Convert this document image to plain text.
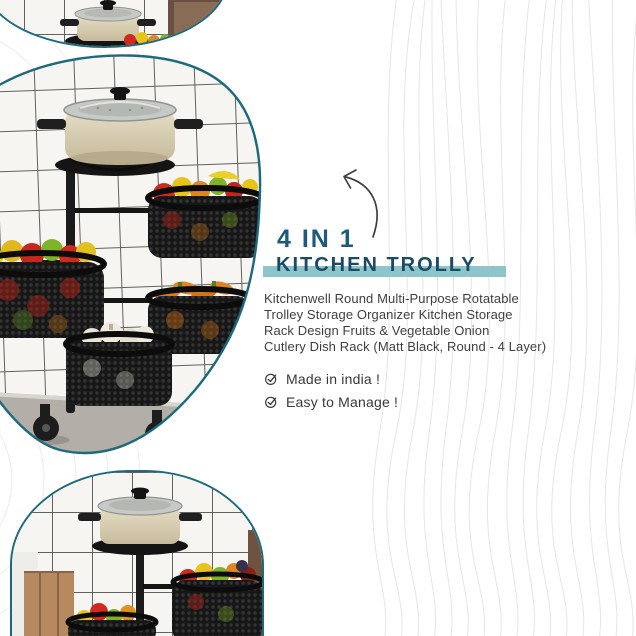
4 IN 1
KITCHEN TROLLY
Kitchenwell Round Multi-Purpose Rotatable
Trolley Storage Organizer Kitchen Storage
Rack Design Fruits & Vegetable Onion
Cutlery Dish Rack (Matt Black, Round - 4 Layer)
Made in india !
Easy to Manage !
